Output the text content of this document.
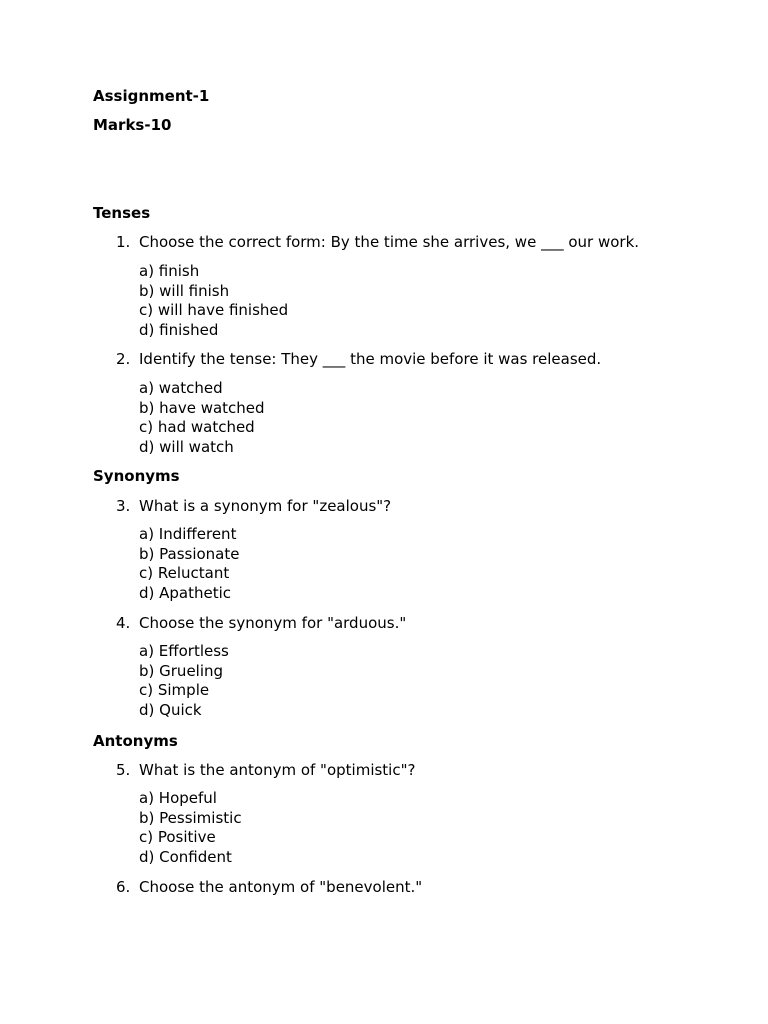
Assignment-1
Marks-10
Tenses
1. Choose the correct form: By the time she arrives, we ___ our work.
a) finish
b) will finish
c) will have finished
d) finished
2. Identify the tense: They ___ the movie before it was released.
a) watched
b) have watched
c) had watched
d) will watch
Synonyms
3. What is a synonym for "zealous"?
a) Indifferent
b) Passionate
c) Reluctant
d) Apathetic
4. Choose the synonym for "arduous."
a) Effortless
b) Grueling
c) Simple
d) Quick
Antonyms
5. What is the antonym of "optimistic"?
a) Hopeful
b) Pessimistic
c) Positive
d) Confident
6. Choose the antonym of "benevolent."
